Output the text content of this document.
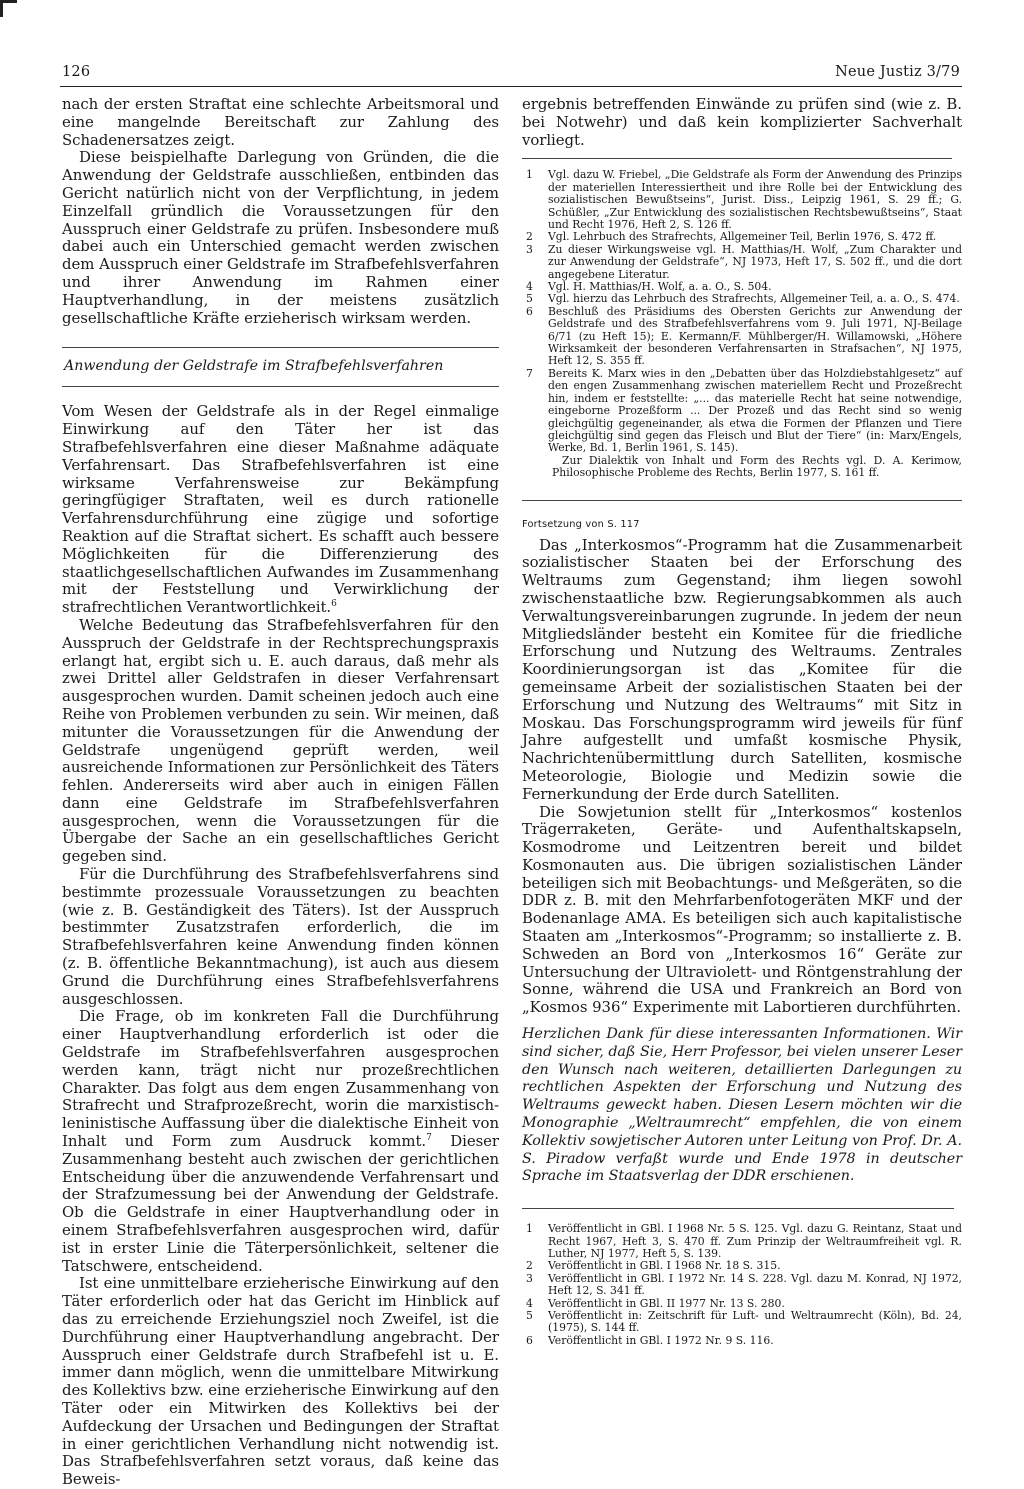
126	Neue Justiz 3/79

nach der ersten Straftat eine schlechte Arbeitsmoral und eine mangelnde Bereitschaft zur Zahlung des Schadenersatzes zeigt.

Diese beispielhafte Darlegung von Gründen, die die Anwendung der Geldstrafe ausschließen, entbinden das Gericht natürlich nicht von der Verpflichtung, in jedem Einzelfall gründlich die Voraussetzungen für den Ausspruch einer Geldstrafe zu prüfen. Insbesondere muß dabei auch ein Unterschied gemacht werden zwischen dem Ausspruch einer Geldstrafe im Strafbefehlsverfahren und ihrer Anwendung im Rahmen einer Hauptverhandlung, in der meistens zusätzlich gesellschaftliche Kräfte erzieherisch wirksam werden.

Anwendung der Geldstrafe im Strafbefehlsverfahren

Vom Wesen der Geldstrafe als in der Regel einmalige Einwirkung auf den Täter her ist das Strafbefehlsverfahren eine dieser Maßnahme adäquate Verfahrensart. Das Strafbefehlsverfahren ist eine wirksame Verfahrensweise zur Bekämpfung geringfügiger Straftaten, weil es durch rationelle Verfahrensdurchführung eine zügige und sofortige Reaktion auf die Straftat sichert. Es schafft auch bessere Möglichkeiten für die Differenzierung des staatlichgesellschaftlichen Aufwandes im Zusammenhang mit der Feststellung und Verwirklichung der strafrechtlichen Verantwortlichkeit.$^6$

Welche Bedeutung das Strafbefehlsverfahren für den Ausspruch der Geldstrafe in der Rechtsprechungspraxis erlangt hat, ergibt sich u. E. auch daraus, daß mehr als zwei Drittel aller Geldstrafen in dieser Verfahrensart ausgesprochen wurden. Damit scheinen jedoch auch eine Reihe von Problemen verbunden zu sein. Wir meinen, daß mitunter die Voraussetzungen für die Anwendung der Geldstrafe ungenügend geprüft werden, weil ausreichende Informationen zur Persönlichkeit des Täters fehlen. Andererseits wird aber auch in einigen Fällen dann eine Geldstrafe im Strafbefehlsverfahren ausgesprochen, wenn die Voraussetzungen für die Übergabe der Sache an ein gesellschaftliches Gericht gegeben sind.

Für die Durchführung des Strafbefehlsverfahrens sind bestimmte prozessuale Voraussetzungen zu beachten (wie z. B. Geständigkeit des Täters). Ist der Ausspruch bestimmter Zusatzstrafen erforderlich, die im Strafbefehlsverfahren keine Anwendung finden können (z. B. öffentliche Bekanntmachung), ist auch aus diesem Grund die Durchführung eines Strafbefehlsverfahrens ausgeschlossen.

Die Frage, ob im konkreten Fall die Durchführung einer Hauptverhandlung erforderlich ist oder die Geldstrafe im Strafbefehlsverfahren ausgesprochen werden kann, trägt nicht nur prozeßrechtlichen Charakter. Das folgt aus dem engen Zusammenhang von Strafrecht und Strafprozeßrecht, worin die marxistisch-leninistische Auffassung über die dialektische Einheit von Inhalt und Form zum Ausdruck kommt.$^7$ Dieser Zusammenhang besteht auch zwischen der gerichtlichen Entscheidung über die anzuwendende Verfahrensart und der Strafzumessung bei der Anwendung der Geldstrafe. Ob die Geldstrafe in einer Hauptverhandlung oder in einem Strafbefehlsverfahren ausgesprochen wird, dafür ist in erster Linie die Täterpersönlichkeit, seltener die Tatschwere, entscheidend.

Ist eine unmittelbare erzieherische Einwirkung auf den Täter erforderlich oder hat das Gericht im Hinblick auf das zu erreichende Erziehungsziel noch Zweifel, ist die Durchführung einer Hauptverhandlung angebracht. Der Ausspruch einer Geldstrafe durch Strafbefehl ist u. E. immer dann möglich, wenn die unmittelbare Mitwirkung des Kollektivs bzw. eine erzieherische Einwirkung auf den Täter oder ein Mitwirken des Kollektivs bei der Aufdeckung der Ursachen und Bedingungen der Straftat in einer gerichtlichen Verhandlung nicht notwendig ist. Das Strafbefehlsverfahren setzt voraus, daß keine das Beweis-

ergebnis betreffenden Einwände zu prüfen sind (wie z. B. bei Notwehr) und daß kein komplizierter Sachverhalt vorliegt.

1	Vgl. dazu W. Friebel, „Die Geldstrafe als Form der Anwendung des Prinzips der materiellen Interessiertheit und ihre Rolle bei der Entwicklung des sozialistischen Bewußtseins“, Jurist. Diss., Leipzig 1961, S. 29 ff.; G. Schüßler, „Zur Entwicklung des sozialistischen Rechtsbewußtseins“, Staat und Recht 1976, Heft 2, S. 126 ff.
2	Vgl. Lehrbuch des Strafrechts, Allgemeiner Teil, Berlin 1976, S. 472 ff.
3	Zu dieser Wirkungsweise vgl. H. Matthias/H. Wolf, „Zum Charakter und zur Anwendung der Geldstrafe“, NJ 1973, Heft 17, S. 502 ff., und die dort angegebene Literatur.
4	Vgl. H. Matthias/H. Wolf, a. a. O., S. 504.
5	Vgl. hierzu das Lehrbuch des Strafrechts, Allgemeiner Teil, a. a. O., S. 474.
6	Beschluß des Präsidiums des Obersten Gerichts zur Anwendung der Geldstrafe und des Strafbefehlsverfahrens vom 9. Juli 1971, NJ-Beilage 6/71 (zu Heft 15); E. Kermann/F. Mühlberger/H. Willamowski, „Höhere Wirksamkeit der besonderen Verfahrensarten in Strafsachen“, NJ 1975, Heft 12, S. 355 ff.
7	Bereits K. Marx wies in den „Debatten über das Holzdiebstahlgesetz“ auf den engen Zusammenhang zwischen materiellem Recht und Prozeßrecht hin, indem er feststellte: „... das materielle Recht hat seine notwendige, eingeborne Prozeßform ... Der Prozeß und das Recht sind so wenig gleichgültig gegeneinander, als etwa die Formen der Pflanzen und Tiere gleichgültig sind gegen das Fleisch und Blut der Tiere“ (in: Marx/Engels, Werke, Bd. 1, Berlin 1961, S. 145).
Zur Dialektik von Inhalt und Form des Rechts vgl. D. A. Kerimow, Philosophische Probleme des Rechts, Berlin 1977, S. 161 ff.
Fortsetzung von S. 117

Das „Interkosmos“-Programm hat die Zusammenarbeit sozialistischer Staaten bei der Erforschung des Weltraums zum Gegenstand; ihm liegen sowohl zwischenstaatliche bzw. Regierungsabkommen als auch Verwaltungsvereinbarungen zugrunde. In jedem der neun Mitgliedsländer besteht ein Komitee für die friedliche Erforschung und Nutzung des Weltraums. Zentrales Koordinierungsorgan ist das „Komitee für die gemeinsame Arbeit der sozialistischen Staaten bei der Erforschung und Nutzung des Weltraums“ mit Sitz in Moskau. Das Forschungsprogramm wird jeweils für fünf Jahre aufgestellt und umfaßt kosmische Physik, Nachrichtenübermittlung durch Satelliten, kosmische Meteorologie, Biologie und Medizin sowie die Fernerkundung der Erde durch Satelliten.

Die Sowjetunion stellt für „Interkosmos“ kostenlos Trägerraketen, Geräte- und Aufenthaltskapseln, Kosmodrome und Leitzentren bereit und bildet Kosmonauten aus. Die übrigen sozialistischen Länder beteiligen sich mit Beobachtungs- und Meßgeräten, so die DDR z. B. mit den Mehrfarbenfotogeräten MKF und der Bodenanlage AMA. Es beteiligen sich auch kapitalistische Staaten am „Interkosmos“-Programm; so installierte z. B. Schweden an Bord von „Interkosmos 16“ Geräte zur Untersuchung der Ultraviolett- und Röntgenstrahlung der Sonne, während die USA und Frankreich an Bord von „Kosmos 936“ Experimente mit Labortieren durchführten.

Herzlichen Dank für diese interessanten Informationen. Wir sind sicher, daß Sie, Herr Professor, bei vielen unserer Leser den Wunsch nach weiteren, detaillierten Darlegungen zu rechtlichen Aspekten der Erforschung und Nutzung des Weltraums geweckt haben. Diesen Lesern möchten wir die Monographie „Weltraumrecht“ empfehlen, die von einem Kollektiv sowjetischer Autoren unter Leitung von Prof. Dr. A. S. Piradow verfaßt wurde und Ende 1978 in deutscher Sprache im Staatsverlag der DDR erschienen.

1	Veröffentlicht in GBl. I 1968 Nr. 5 S. 125. Vgl. dazu G. Reintanz, Staat und Recht 1967, Heft 3, S. 470 ff. Zum Prinzip der Weltraumfreiheit vgl. R. Luther, NJ 1977, Heft 5, S. 139.
2	Veröffentlicht in GBl. I 1968 Nr. 18 S. 315.
3	Veröffentlicht in GBl. I 1972 Nr. 14 S. 228. Vgl. dazu M. Konrad, NJ 1972, Heft 12, S. 341 ff.
4	Veröffentlicht in GBl. II 1977 Nr. 13 S. 280.
5	Veröffentlicht in: Zeitschrift für Luft- und Weltraumrecht (Köln), Bd. 24, (1975), S. 144 ff.
6	Veröffentlicht in GBl. I 1972 Nr. 9 S. 116.
